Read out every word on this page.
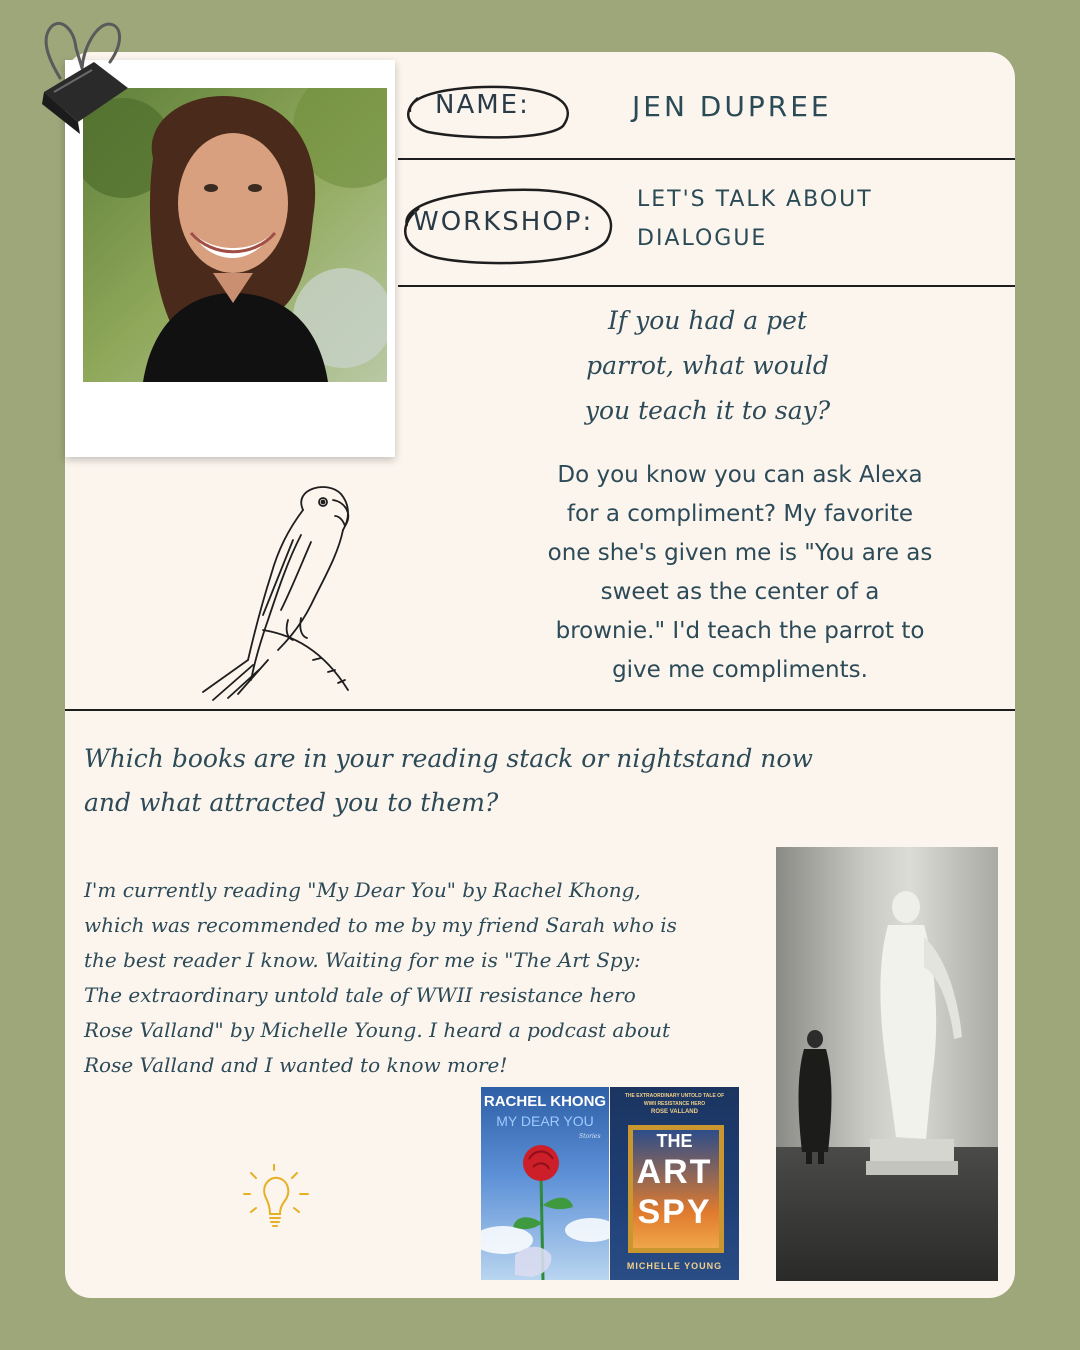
NAME:	JEN DUPREE
WORKSHOP:
LET'S TALK ABOUT
DIALOGUE
If you had a pet
parrot, what would
you teach it to say?
Do you know you can ask Alexa
for a compliment? My favorite
one she's given me is "You are as
sweet as the center of a
brownie." I'd teach the parrot to
give me compliments.
Which books are in your reading stack or nightstand now
and what attracted you to them?
I'm currently reading "My Dear You" by Rachel Khong,
which was recommended to me by my friend Sarah who is
the best reader I know. Waiting for me is "The Art Spy:
The extraordinary untold tale of WWII resistance hero
Rose Valland" by Michelle Young. I heard a podcast about
Rose Valland and I wanted to know more!
RACHEL KHONG
MY DEAR YOU
Stories
THE EXTRAORDINARY UNTOLD TALE OF
WWII RESISTANCE HERO
ROSE VALLAND
THE
ART
SPY
MICHELLE YOUNG
